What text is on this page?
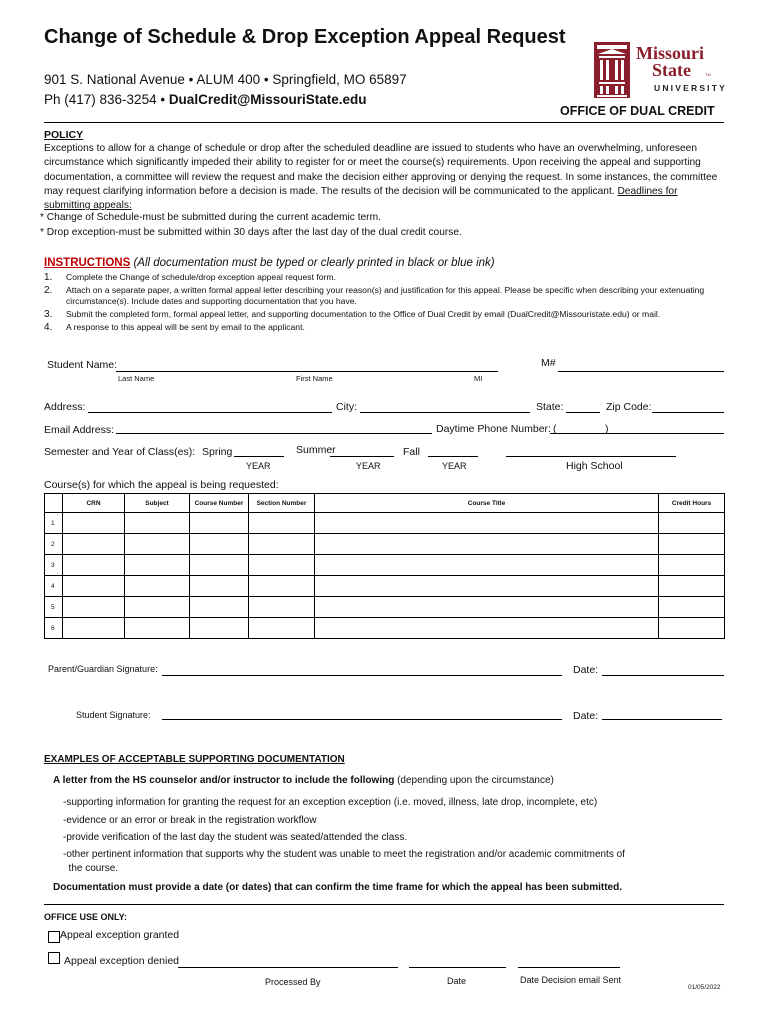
Change of Schedule & Drop Exception Appeal Request
901 S. National Avenue • ALUM 400 • Springfield, MO 65897
Ph (417) 836-3254 • DualCredit@MissouriState.edu
Missouri
State	TM
UNIVERSITY
OFFICE OF DUAL CREDIT
POLICY
Exceptions to allow for a change of schedule or drop after the scheduled deadline are issued to students who have an overwhelming, unforeseen circumstance which significantly impeded their ability to register for or meet the course(s) requirements. Upon receiving the appeal and supporting documentation, a committee will review the request and make the decision either approving or denying the request. In some instances, the committee may request clarifying information before a decision is made. The results of the decision will be communicated to the applicant. Deadlines for submitting appeals:
* Change of Schedule-must be submitted during the current academic term.
* Drop exception-must be submitted within 30 days after the last day of the dual credit course.
INSTRUCTIONS (All documentation must be typed or clearly printed in black or blue ink)
1. Complete the Change of schedule/drop exception appeal request form.
2. Attach on a separate paper, a written formal appeal letter describing your reason(s) and justification for this appeal. Please be specific when describing your extenuating circumstance(s). Include dates and supporting documentation that you have.
3. Submit the completed form, formal appeal letter, and supporting documentation to the Office of Dual Credit by email (DualCredit@Missouristate.edu) or mail.
4. A response to this appeal will be sent by email to the applicant.
Student Name:	M#
Last Name	First Name	MI
Address:	City:	State:	Zip Code:
Email Address:	Daytime Phone Number: (	)
Semester and Year of Class(es): Spring	Summer	Fall
YEAR	YEAR	YEAR	High School
Course(s) for which the appeal is being requested:
	CRN	Subject	Course Number	Section Number	Course Title	Credit Hours
1						
2						
3						
4						
5						
6						
Parent/Guardian Signature:	Date:
Student Signature:	Date:
EXAMPLES OF ACCEPTABLE SUPPORTING DOCUMENTATION
A letter from the HS counselor and/or instructor to include the following (depending upon the circumstance)
-supporting information for granting the request for an exception exception (i.e. moved, illness, late drop, incomplete, etc)
-evidence or an error or break in the registration workflow
-provide verification of the last day the student was seated/attended the class.
-other pertinent information that supports why the student was unable to meet the registration and/or academic commitments of
the course.
Documentation must provide a date (or dates) that can confirm the time frame for which the appeal has been submitted.
OFFICE USE ONLY:
Appeal exception granted
Appeal exception denied
Processed By	Date	Date Decision email Sent
01/05/2022
